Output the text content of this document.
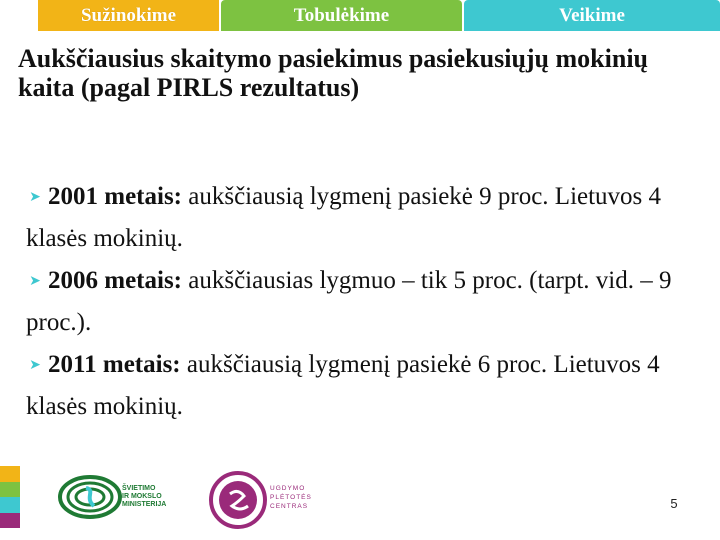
Sužinokime	Tobulėkime	Veikime
Aukščiausius skaitymo pasiekimus pasiekusiųjų mokinių kaita (pagal PIRLS rezultatus)
➤ 2001 metais: aukščiausią lygmenį pasiekė 9 proc. Lietuvos 4 klasės mokinių.
➤ 2006 metais: aukščiausias lygmuo – tik 5 proc. (tarpt. vid. – 9 proc.).
➤ 2011 metais: aukščiausią lygmenį pasiekė 6 proc. Lietuvos 4 klasės mokinių.
ŠVIETIMO
IR MOKSLO
MINISTERIJA
UGDYMO
PLĖTOTĖS
CENTRAS	5
